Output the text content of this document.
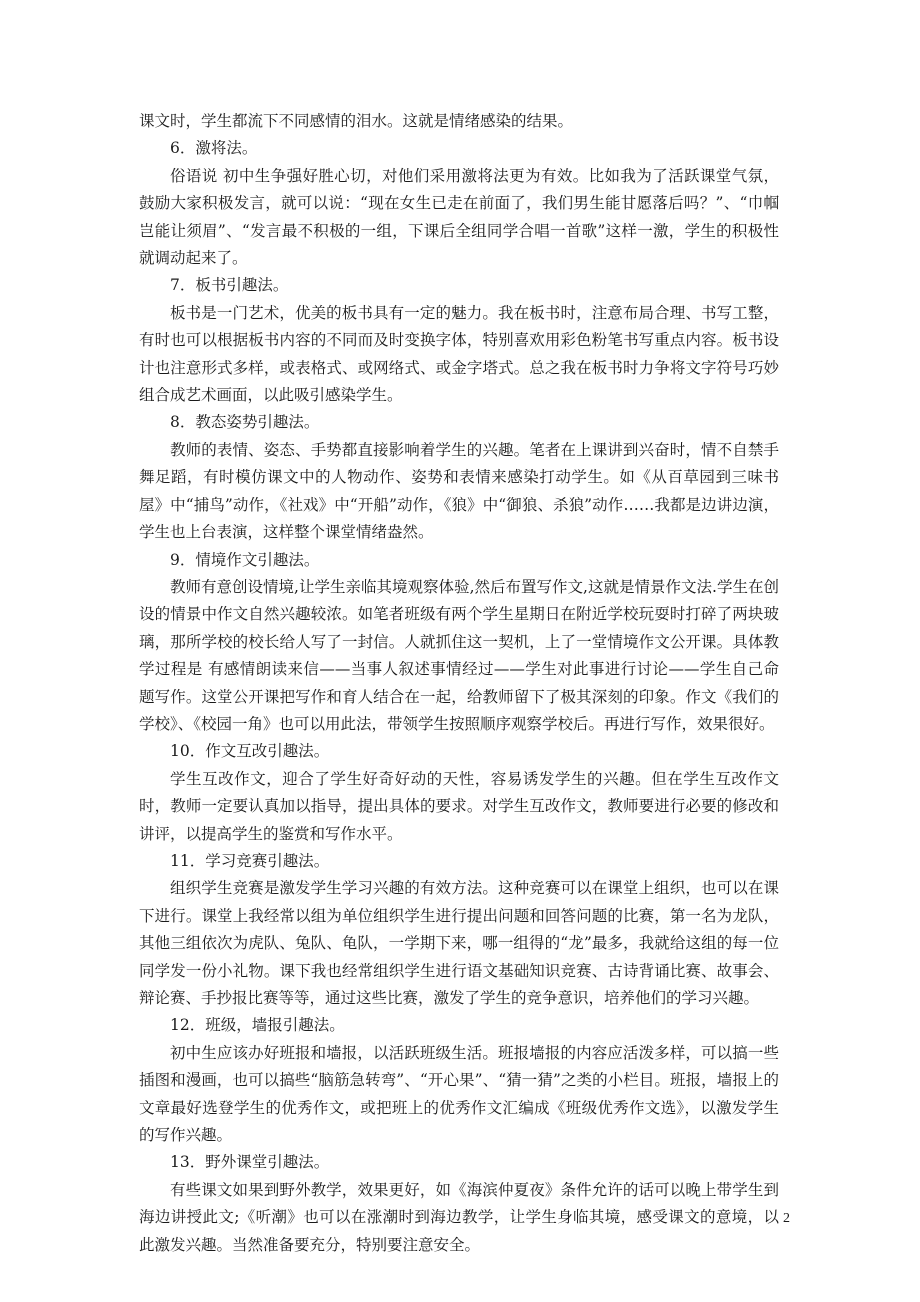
课文时，学生都流下不同感情的泪水。这就是情绪感染的结果。

6．激将法。

俗语说 初中生争强好胜心切，对他们采用激将法更为有效。比如我为了活跃课堂气氛，鼓励大家积极发言，就可以说：“现在女生已走在前面了，我们男生能甘愿落后吗？”、“巾帼岂能让须眉”、“发言最不积极的一组，下课后全组同学合唱一首歌”这样一激，学生的积极性就调动起来了。

7．板书引趣法。

板书是一门艺术，优美的板书具有一定的魅力。我在板书时，注意布局合理、书写工整，有时也可以根据板书内容的不同而及时变换字体，特别喜欢用彩色粉笔书写重点内容。板书设计也注意形式多样，或表格式、或网络式、或金字塔式。总之我在板书时力争将文字符号巧妙组合成艺术画面，以此吸引感染学生。

8．教态姿势引趣法。

教师的表情、姿态、手势都直接影响着学生的兴趣。笔者在上课讲到兴奋时，情不自禁手舞足蹈，有时模仿课文中的人物动作、姿势和表情来感染打动学生。如《从百草园到三味书屋》中“捕鸟”动作，《社戏》中“开船”动作，《狼》中“御狼、杀狼”动作……我都是边讲边演，学生也上台表演，这样整个课堂情绪盎然。

9．情境作文引趣法。

教师有意创设情境,让学生亲临其境观察体验,然后布置写作文,这就是情景作文法.学生在创设的情景中作文自然兴趣较浓。如笔者班级有两个学生星期日在附近学校玩耍时打碎了两块玻璃，那所学校的校长给人写了一封信。人就抓住这一契机，上了一堂情境作文公开课。具体教学过程是 有感情朗读来信——当事人叙述事情经过——学生对此事进行讨论——学生自己命题写作。这堂公开课把写作和育人结合在一起，给教师留下了极其深刻的印象。作文《我们的学校》、《校园一角》也可以用此法，带领学生按照顺序观察学校后。再进行写作，效果很好。

10．作文互改引趣法。

学生互改作文，迎合了学生好奇好动的天性，容易诱发学生的兴趣。但在学生互改作文时，教师一定要认真加以指导，提出具体的要求。对学生互改作文，教师要进行必要的修改和讲评，以提高学生的鉴赏和写作水平。

11．学习竞赛引趣法。

组织学生竞赛是激发学生学习兴趣的有效方法。这种竞赛可以在课堂上组织，也可以在课下进行。课堂上我经常以组为单位组织学生进行提出问题和回答问题的比赛，第一名为龙队，其他三组依次为虎队、兔队、龟队，一学期下来，哪一组得的“龙”最多，我就给这组的每一位同学发一份小礼物。课下我也经常组织学生进行语文基础知识竞赛、古诗背诵比赛、故事会、辩论赛、手抄报比赛等等，通过这些比赛，激发了学生的竞争意识，培养他们的学习兴趣。

12．班级，墙报引趣法。

初中生应该办好班报和墙报，以活跃班级生活。班报墙报的内容应活泼多样，可以搞一些插图和漫画，也可以搞些“脑筋急转弯”、“开心果”、“猜一猜”之类的小栏目。班报，墙报上的文章最好选登学生的优秀作文，或把班上的优秀作文汇编成《班级优秀作文选》，以激发学生的写作兴趣。

13．野外课堂引趣法。

有些课文如果到野外教学，效果更好，如《海滨仲夏夜》条件允许的话可以晚上带学生到海边讲授此文;《听潮》也可以在涨潮时到海边教学，让学生身临其境，感受课文的意境，以此激发兴趣。当然准备要充分，特别要注意安全。

2
